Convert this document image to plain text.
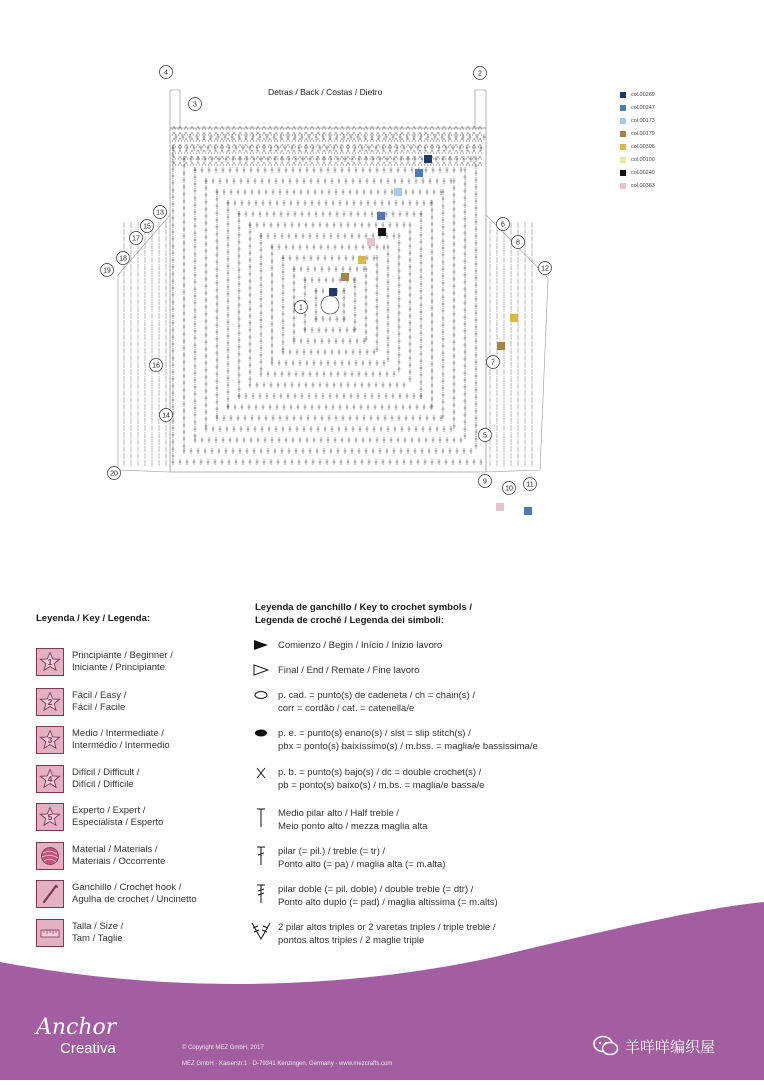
1
2
3
4
5
6
7
8
9
10
11
12
13
14
15
16
17
18
19
20
Detras / Back / Costas / Dietro	col.00269
col.00247
col.00173
col.00179
col.00306
col.00100
col.00240
col.00363
Leyenda / Key / Legenda:
1
Principiante / Beginner /
Iniciante / Principiante
2
Fácil / Easy /
Fácil / Facile
3
Medio / Intermediate /
Intermédio / Intermedio
4
Difícil / Difficult /
Difícil / Difficile
5
Experto / Expert /
Especialista / Esperto
Material / Materials /
Materiais / Occorrente
Ganchillo / Crochet hook /
Agulha de crochet / Uncinetto
Talla / Size /
Tam / Taglie
Leyenda de ganchillo / Key to crochet symbols /
Legenda de croché / Legenda dei simboli:
Comienzo / Begin / Início / Inizio lavoro
Final / End / Remate / Fine lavoro
p. cad. = punto(s) de cadeneta / ch = chain(s) /
corr = cordão / cat. = catenella/e
p. e. = punto(s) enano(s) / slst = slip stitch(s) /
pbx = ponto(s) baixíssimo(s) / m.bss. = maglia/e bassissima/e
p. b. = punto(s) bajo(s) / dc = double crochet(s) /
pb = ponto(s) baixo(s) / m.bs. = maglia/e bassa/e
Medio pilar alto / Half treble /
Meio ponto alto / mezza maglia alta
pilar (= pil.) / treble (= tr) /
Ponto alto (= pa) / maglia alta (= m.alta)
pilar doble (= pil. doble) / double treble (= dtr) /
Ponto alto duplo (= pad) / maglia altissima (= m.alts)
2 pilar altos triples or 2 varetas triples / triple treble /
pontos altos triples / 2 maglie triple
Anchor
Creativa	© Copyright MEZ GmbH, 2017
MEZ GmbH · Kaiserstr.1 · D-79341 Kenzingen, Germany · www.mezcrafts.com
羊咩咩编织屋
